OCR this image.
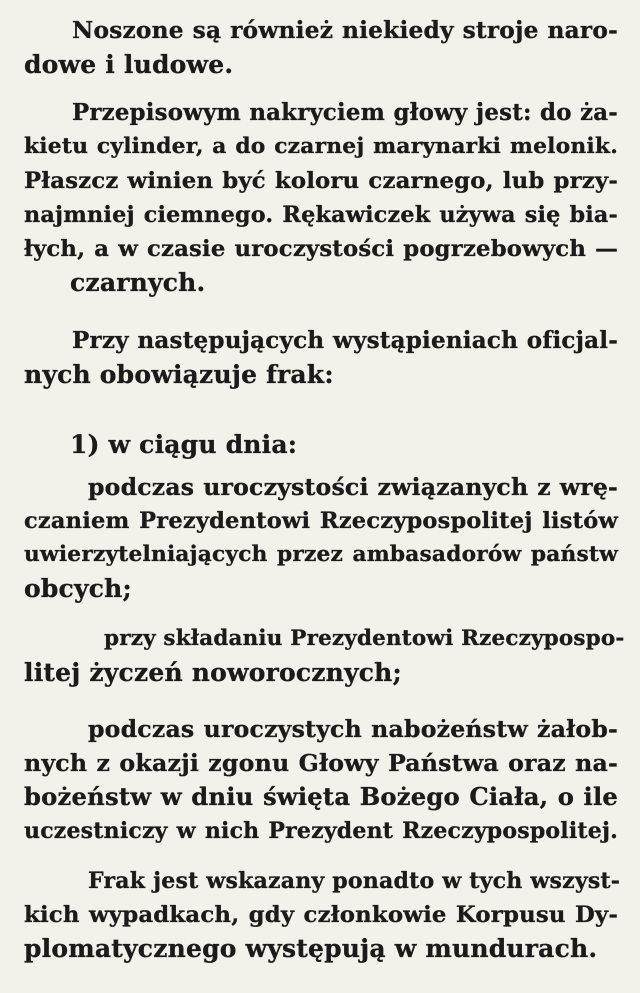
Noszone są również niekiedy stroje naro-
dowe i ludowe.
Przepisowym nakryciem głowy jest: do ża-
kietu cylinder, a do czarnej marynarki melonik.
Płaszcz winien być koloru czarnego, lub przy-
najmniej ciemnego. Rękawiczek używa się bia-
łych, a w czasie uroczystości pogrzebowych —
czarnych.
Przy następujących wystąpieniach oficjal-
nych obowiązuje frak:
1) w ciągu dnia:
podczas uroczystości związanych z wrę-
czaniem Prezydentowi Rzeczypospolitej listów
uwierzytelniających przez ambasadorów państw
obcych;
przy składaniu Prezydentowi Rzeczypospo-
litej życzeń noworocznych;
podczas uroczystych nabożeństw żałob-
nych z okazji zgonu Głowy Państwa oraz na-
bożeństw w dniu święta Bożego Ciała, o ile
uczestniczy w nich Prezydent Rzeczypospolitej.
Frak jest wskazany ponadto w tych wszyst-
kich wypadkach, gdy członkowie Korpusu Dy-
plomatycznego występują w mundurach.
